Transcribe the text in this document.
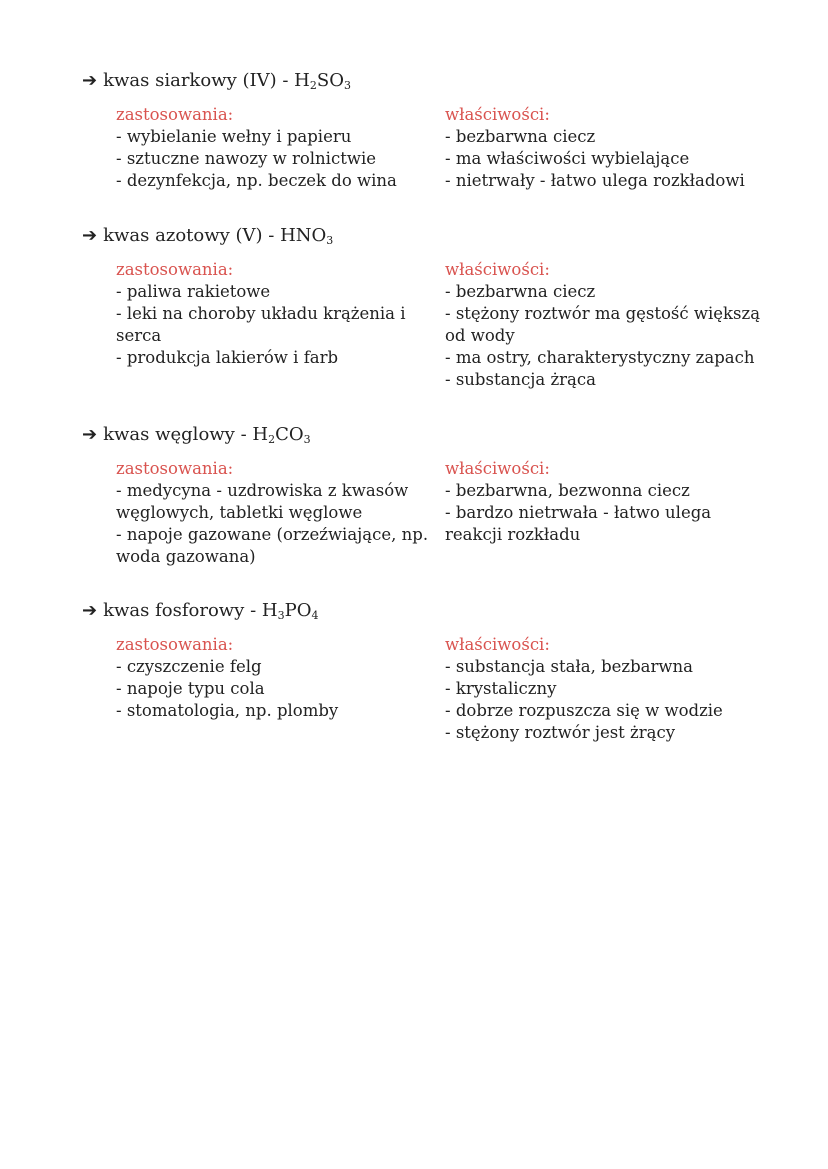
➔ kwas siarkowy $(IV) - H_2SO_3$
zastosowania:
- wybielanie wełny i papieru
- sztuczne nawozy w rolnictwie
- dezynfekcja, np. beczek do wina
właściwości:
- bezbarwna ciecz
- ma właściwości wybielające
- nietrwały - łatwo ulega rozkładowi
➔ kwas azotowy $(V) - HNO_3$
zastosowania:
- paliwa rakietowe
- leki na choroby układu krążenia i serca
- produkcja lakierów i farb
właściwości:
- bezbarwna ciecz
- stężony roztwór ma gęstość większą od wody
- ma ostry, charakterystyczny zapach
- substancja żrąca
➔ kwas węglowy - $H_2CO_3$
zastosowania:
- medycyna - uzdrowiska z kwasów węglowych, tabletki węglowe
- napoje gazowane (orzeźwiające, np. woda gazowana)
właściwości:
- bezbarwna, bezwonna ciecz
- bardzo nietrwała - łatwo ulega reakcji rozkładu
➔ kwas fosforowy - $H_3PO_4$
zastosowania:
- czyszczenie felg
- napoje typu cola
- stomatologia, np. plomby
właściwości:
- substancja stała, bezbarwna
- krystaliczny
- dobrze rozpuszcza się w wodzie
- stężony roztwór jest żrący
